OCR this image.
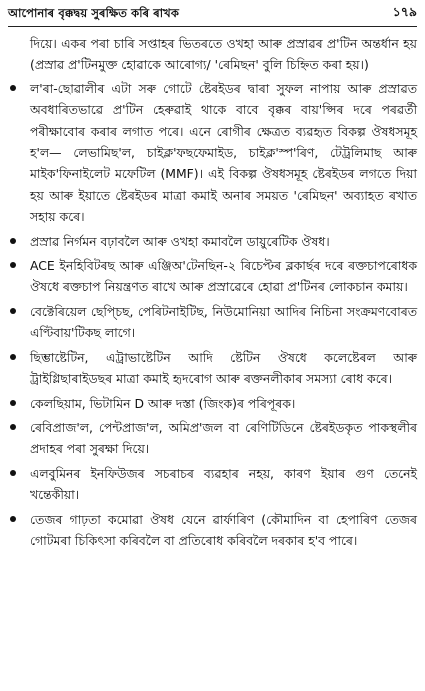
আপোনাৰ বৃক্কদ্বয় সুৰক্ষিত কৰি ৰাখক	১৭৯

দিয়ে। একৰ পৰা চাৰি সপ্তাহৰ ভিতৰতে ওখহা আৰু প্ৰস্ৰাৱৰ প্ৰ'টিন অন্তৰ্ধান হয় (প্ৰস্ৰাৱ প্ৰ'টিনমুক্ত হোৱাকে আৰোগ্য/ 'ৰেমিছন' বুলি চিহ্নিত কৰা হয়।)

ল'ৰা-ছোৱালীৰ এটা সৰু গোটে ষ্টেৰইডৰ দ্বাৰা সুফল নাপায় আৰু প্ৰস্ৰাৱত অবধাৰিতভাৱে প্ৰ'টিন হেৰুৱাই থাকে বাবে বৃক্কৰ বায়'প্সিৰ দৰে পৰৱৰ্তী পৰীক্ষাবোৰ কৰাৰ লগাত পৰে। এনে ৰোগীৰ ক্ষেত্ৰত ব্যৱহৃত বিকল্প ঔষধসমূহ হ'ল— লেভামিছ'ল, চাইক্ল'ফছফেমাইড, চাইক্ল'স্প'ৰিণ, টেট্ৰলিমাছ আৰু মাইক'ফিনাইলেট মফেটিল (MMF)। এই বিকল্প ঔষধসমূহ ষ্টেৰইডৰ লগতে দিয়া হয় আৰু ইয়াতে ষ্টেৰইডৰ মাত্ৰা কমাই অনাৰ সময়ত 'ৰেমিছন' অব্যাহত ৰখাত সহায় কৰে।
প্ৰস্ৰাৱ নিৰ্গমন বঢ়াবলৈ আৰু ওখহা কমাবলৈ ডায়ুৰেটিক ঔষধ।
ACE ইনহিবিটৰছ আৰু এঞ্জিঅ'টেনছিন-২ ৰিচেপ্টৰ ব্লকাৰ্ছৰ দৰে ৰক্তচাপৰোধক ঔষধে ৰক্তচাপ নিয়ন্ত্ৰণত ৰাখে আৰু প্ৰস্ৰাৱেৰে হোৱা প্ৰ'টিনৰ লোকচান কমায়।
বেক্টেৰিয়েল ছেপ্চিছ, পেৰিটনাইটিছ, নিউমোনিয়া আদিৰ নিচিনা সংক্ৰমণবোৰত এণ্টিবায়'টিকছ লাগে।
ছিম্ভাষ্টেটিন, এট্ৰাভাষ্টেটিন আদি ষ্টেটিন ঔষধে কলেষ্টেৰল আৰু ট্ৰাইগ্লিছাৰাইডছৰ মাত্ৰা কমাই হৃদৰোগ আৰু ৰক্তনলীকাৰ সমস্যা ৰোধ কৰে।
কেলছিয়াম, ভিটামিন D আৰু দস্তা (জিংক)ৰ পৰিপূৰক।
ৰেবিপ্ৰাজ'ল, পেন্টপ্ৰাজ'ল, অমিপ্ৰ'জল বা ৰেণিটিডিনে ষ্টেৰইডকৃত পাকস্থলীৰ প্ৰদাহৰ পৰা সুৰক্ষা দিয়ে।
এলবুমিনৰ ইনফিউজৰ সচৰাচৰ ব্যৱহাৰ নহয়, কাৰণ ইয়াৰ গুণ তেনেই খন্তেকীয়া।
তেজৰ গাঢ়তা কমোৱা ঔষধ যেনে ৱাৰ্ফাৰিণ (কৌমাদিন বা হেপাৰিণ তেজৰ গোটমৰা চিকিৎসা কৰিবলৈ বা প্ৰতিৰোধ কৰিবলৈ দৰকাৰ হ'ব পাৰে।
